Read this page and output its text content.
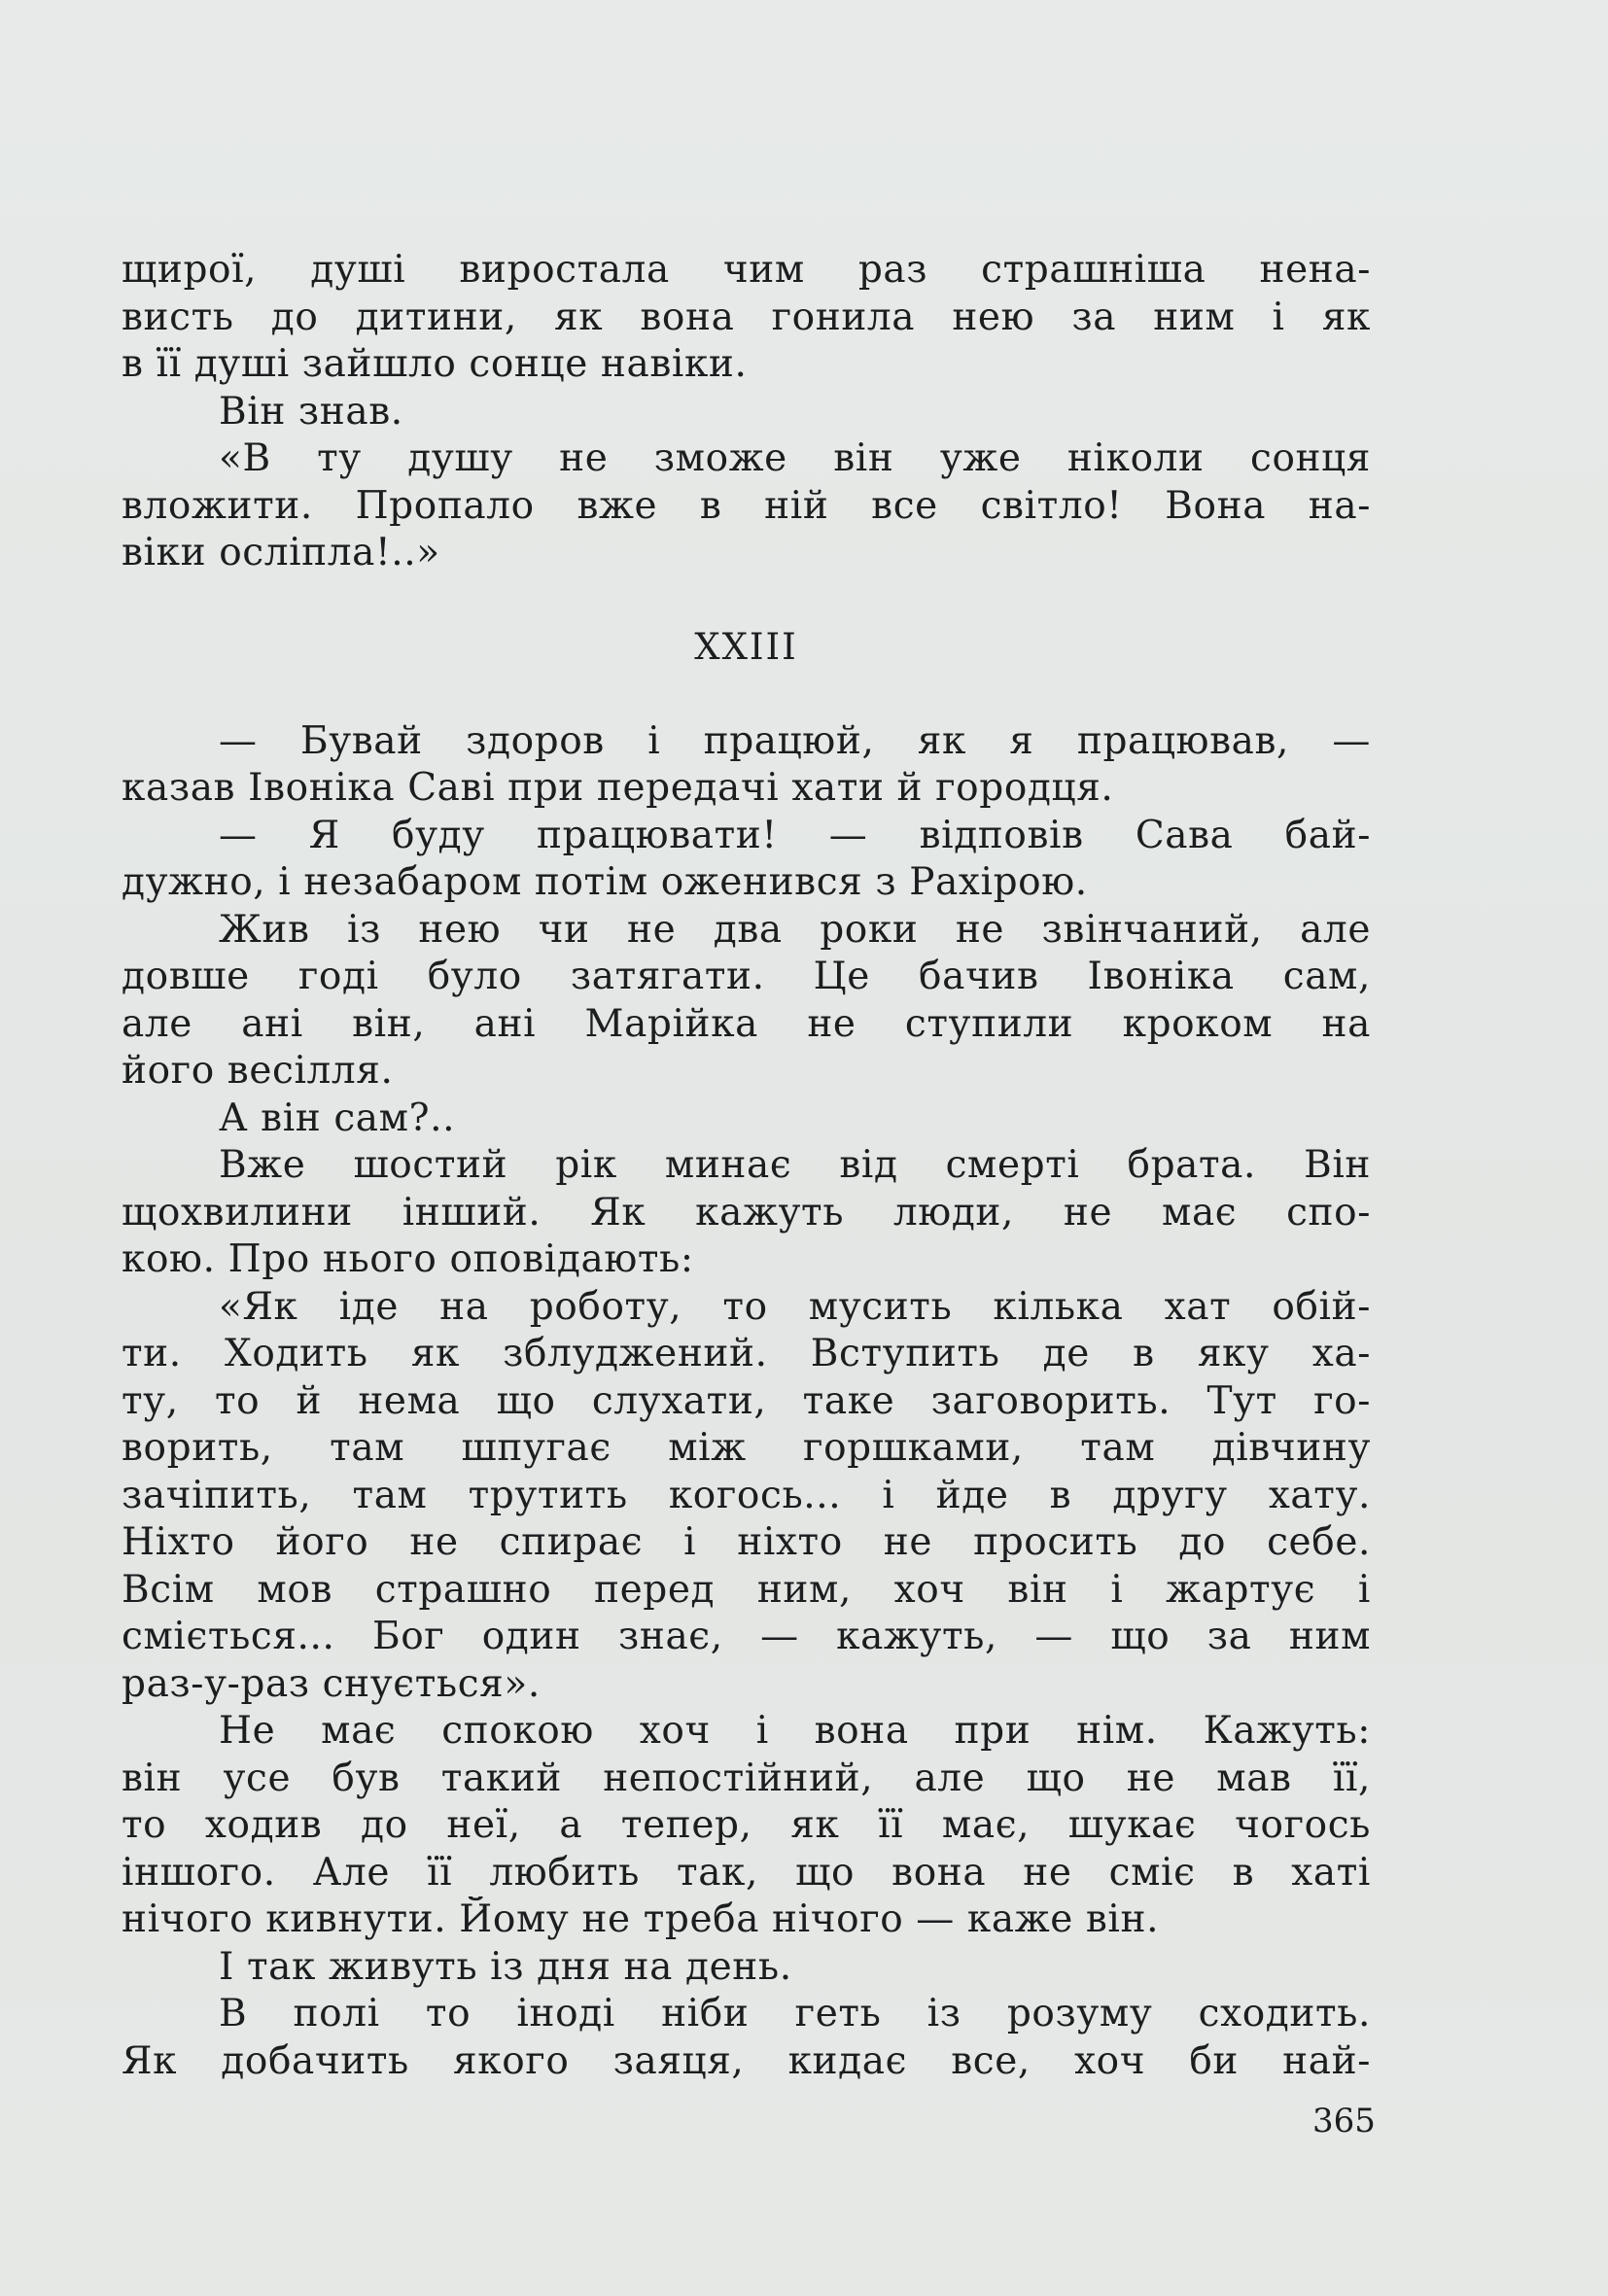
щирої, душі виростала чим раз страшніша нена-
висть до дитини, як вона гонила нею за ним і як
в її душі зайшло сонце навіки.
Він знав.
«В ту душу не зможе він уже ніколи сонця
вложити. Пропало вже в ній все світло! Вона на-
віки осліпла!..»
XXIII
— Бувай здоров і працюй, як я працював, —
казав Івоніка Саві при передачі хати й городця.
— Я буду працювати! — відповів Сава бай-
дужно, і незабаром потім оженився з Рахірою.
Жив із нею чи не два роки не звінчаний, але
довше годі було затягати. Це бачив Івоніка сам,
але ані він, ані Марійка не ступили кроком на
його весілля.
А він сам?..
Вже шостий рік минає від смерті брата. Він
щохвилини інший. Як кажуть люди, не має спо-
кою. Про нього оповідають:
«Як іде на роботу, то мусить кілька хат обій-
ти. Ходить як зблуджений. Вступить де в яку ха-
ту, то й нема що слухати, таке заговорить. Тут го-
ворить, там шпугає між горшками, там дівчину
зачіпить, там трутить когось... і йде в другу хату.
Ніхто його не спирає і ніхто не просить до себе.
Всім мов страшно перед ним, хоч він і жартує і
сміється... Бог один знає, — кажуть, — що за ним
раз-у-раз снується».
Не має спокою хоч і вона при нім. Кажуть:
він усе був такий непостійний, але що не мав її,
то ходив до неї, а тепер, як її має, шукає чогось
іншого. Але її любить так, що вона не сміє в хаті
нічого кивнути. Йому не треба нічого — каже він.
І так живуть із дня на день.
В полі то іноді ніби геть із розуму сходить.
Як добачить якого заяця, кидає все, хоч би най-
365
